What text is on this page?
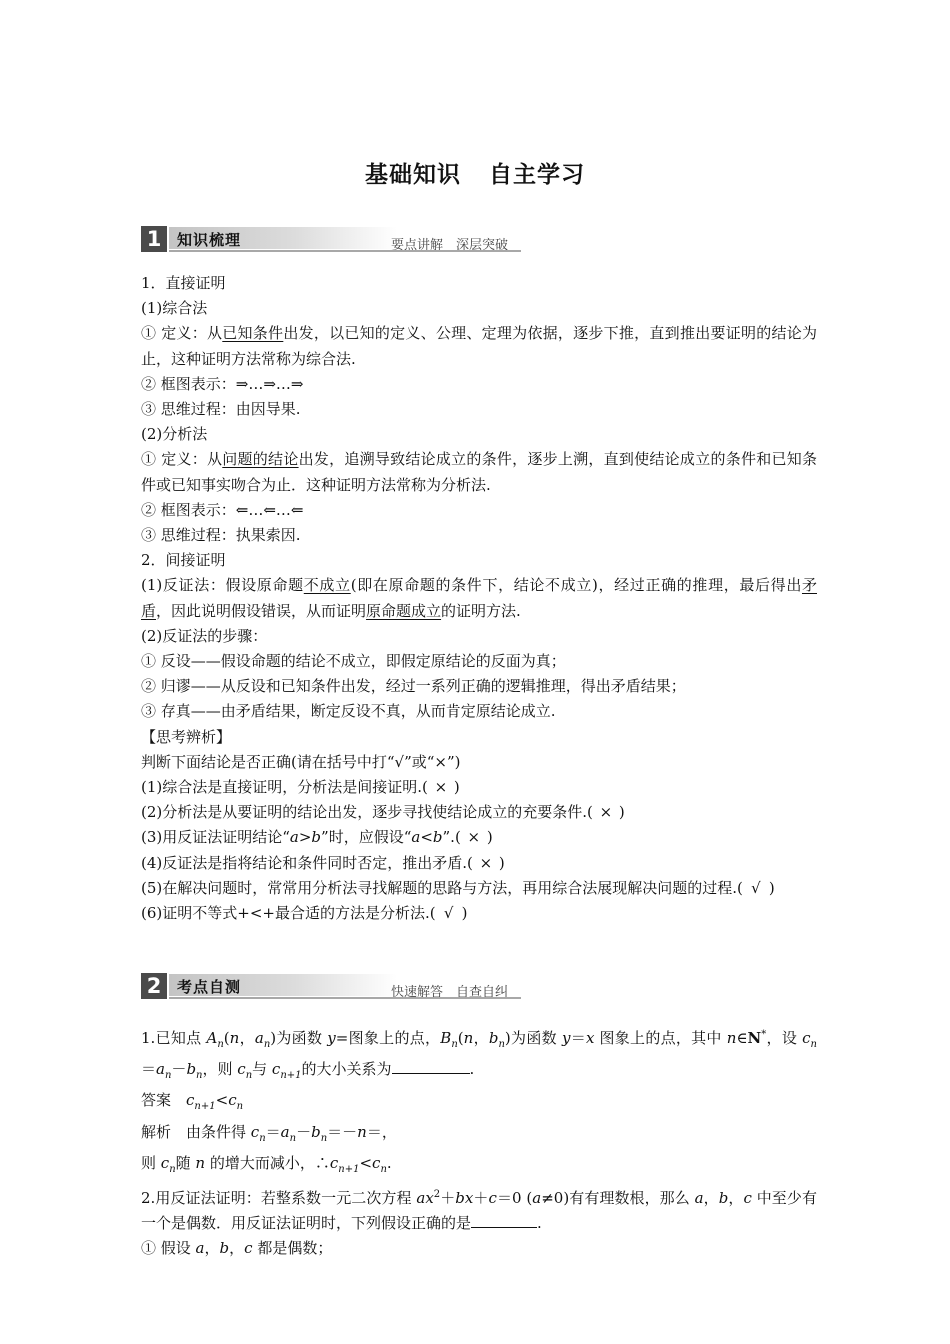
基础知识 自主学习
1	知识梳理	要点讲解　深层突破
1．直接证明
(1)综合法
① 定义：从已知条件出发，以已知的定义、公理、定理为依据，逐步下推，直到推出要证明的结论为止，这种证明方法常称为综合法.
② 框图表示：⇒…⇒…⇒
③ 思维过程：由因导果.
(2)分析法
① 定义：从问题的结论出发，追溯导致结论成立的条件，逐步上溯，直到使结论成立的条件和已知条件或已知事实吻合为止．这种证明方法常称为分析法.
② 框图表示：⇐…⇐…⇐
③ 思维过程：执果索因.
2．间接证明
(1)反证法：假设原命题不成立(即在原命题的条件下，结论不成立)，经过正确的推理，最后得出矛盾，因此说明假设错误，从而证明原命题成立的证明方法.
(2)反证法的步骤：
① 反设——假设命题的结论不成立，即假定原结论的反面为真；
② 归谬——从反设和已知条件出发，经过一系列正确的逻辑推理，得出矛盾结果；
③ 存真——由矛盾结果，断定反设不真，从而肯定原结论成立.
【思考辨析】
判断下面结论是否正确(请在括号中打“√”或“×”)
(1)综合法是直接证明，分析法是间接证明.( × )
(2)分析法是从要证明的结论出发，逐步寻找使结论成立的充要条件.( × )
(3)用反证法证明结论“a>b”时，应假设“a<b”.( × )
(4)反证法是指将结论和条件同时否定，推出矛盾.( × )
(5)在解决问题时，常常用分析法寻找解题的思路与方法，再用综合法展现解决问题的过程.( √ )
(6)证明不等式+<+最合适的方法是分析法.( √ )
2	考点自测	快速解答　自查自纠
1.已知点 $A_n(n$，$a_n$)为函数 y=图象上的点，$B_n(n$，$b_n$)为函数 y＝x 图象上的点，其中 n∈N*，设 $c_n=a_n-b_n$，则 $c_n$与 $c_{n+1}$的大小关系为	.
答案  $c_{n+1}<c_n$
解析  由条件得 $c_n=a_n-b_n=-n=$，
则 $c_n$随 n 的增大而减小，$\therefore c_{n+1}<c_n$.
2.用反证法证明：若整系数一元二次方程 $ax^2+bx+c=0$ (a≠0)有有理数根，那么 a，b，c 中至少有一个是偶数．用反证法证明时，下列假设正确的是	.
① 假设 a，b，c 都是偶数；
